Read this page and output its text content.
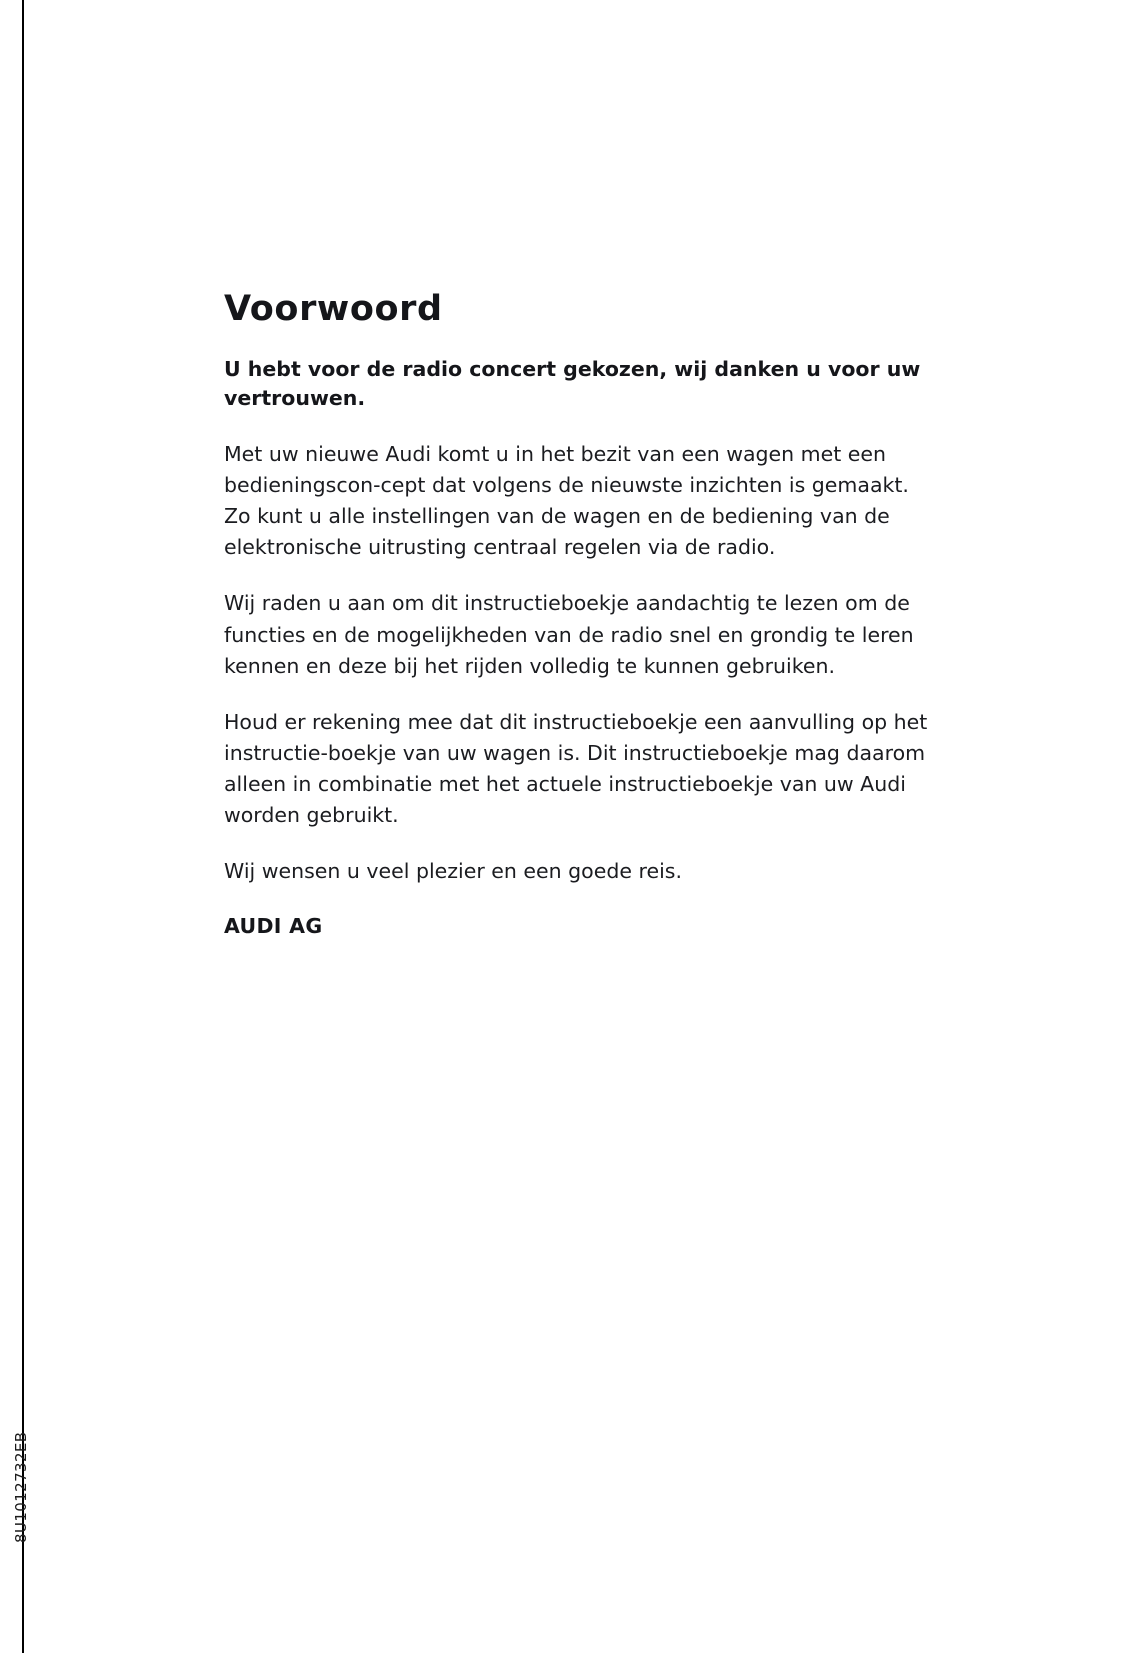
8U1012732EB
Voorwoord
U hebt voor de radio concert gekozen, wij danken u voor uw vertrouwen.

Met uw nieuwe Audi komt u in het bezit van een wagen met een bedieningscon-cept dat volgens de nieuwste inzichten is gemaakt. Zo kunt u alle instellingen van de wagen en de bediening van de elektronische uitrusting centraal regelen via de radio.

Wij raden u aan om dit instructieboekje aandachtig te lezen om de functies en de mogelijkheden van de radio snel en grondig te leren kennen en deze bij het rijden volledig te kunnen gebruiken.

Houd er rekening mee dat dit instructieboekje een aanvulling op het instructie-boekje van uw wagen is. Dit instructieboekje mag daarom alleen in combinatie met het actuele instructieboekje van uw Audi worden gebruikt.

Wij wensen u veel plezier en een goede reis.

AUDI AG
